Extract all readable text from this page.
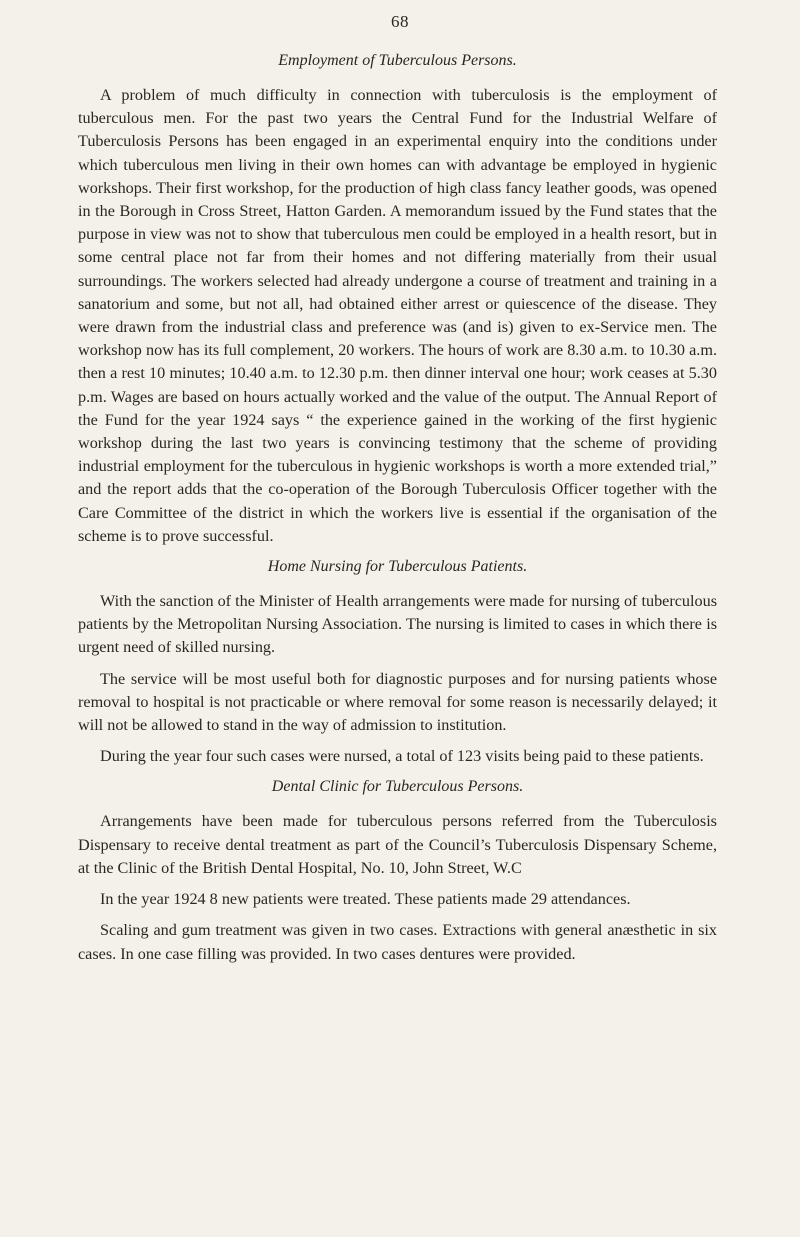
68
Employment of Tuberculous Persons.

A problem of much difficulty in connection with tuberculosis is the employment of tuberculous men. For the past two years the Central Fund for the Industrial Welfare of Tuberculosis Persons has been engaged in an experimental enquiry into the conditions under which tuberculous men living in their own homes can with advantage be employed in hygienic workshops. Their first workshop, for the production of high class fancy leather goods, was opened in the Borough in Cross Street, Hatton Garden. A memorandum issued by the Fund states that the purpose in view was not to show that tuberculous men could be employed in a health resort, but in some central place not far from their homes and not differing materially from their usual surroundings. The workers selected had already undergone a course of treatment and training in a sanatorium and some, but not all, had obtained either arrest or quiescence of the disease. They were drawn from the industrial class and preference was (and is) given to ex-Service men. The workshop now has its full complement, 20 workers. The hours of work are 8.30 a.m. to 10.30 a.m. then a rest 10 minutes; 10.40 a.m. to 12.30 p.m. then dinner interval one hour; work ceases at 5.30 p.m. Wages are based on hours actually worked and the value of the output. The Annual Report of the Fund for the year 1924 says “ the experience gained in the working of the first hygienic workshop during the last two years is convincing testimony that the scheme of providing industrial employment for the tuberculous in hygienic workshops is worth a more extended trial,” and the report adds that the co-operation of the Borough Tuberculosis Officer together with the Care Committee of the district in which the workers live is essential if the organisation of the scheme is to prove successful.

Home Nursing for Tuberculous Patients.

With the sanction of the Minister of Health arrangements were made for nursing of tuberculous patients by the Metropolitan Nursing Association. The nursing is limited to cases in which there is urgent need of skilled nursing.

The service will be most useful both for diagnostic purposes and for nursing patients whose removal to hospital is not practicable or where removal for some reason is necessarily delayed; it will not be allowed to stand in the way of admission to institution.

During the year four such cases were nursed, a total of 123 visits being paid to these patients.

Dental Clinic for Tuberculous Persons.

Arrangements have been made for tuberculous persons referred from the Tuberculosis Dispensary to receive dental treatment as part of the Council’s Tuberculosis Dispensary Scheme, at the Clinic of the British Dental Hospital, No. 10, John Street, W.C

In the year 1924 8 new patients were treated. These patients made 29 attendances.

Scaling and gum treatment was given in two cases. Extractions with general anæsthetic in six cases. In one case filling was provided. In two cases dentures were provided.
